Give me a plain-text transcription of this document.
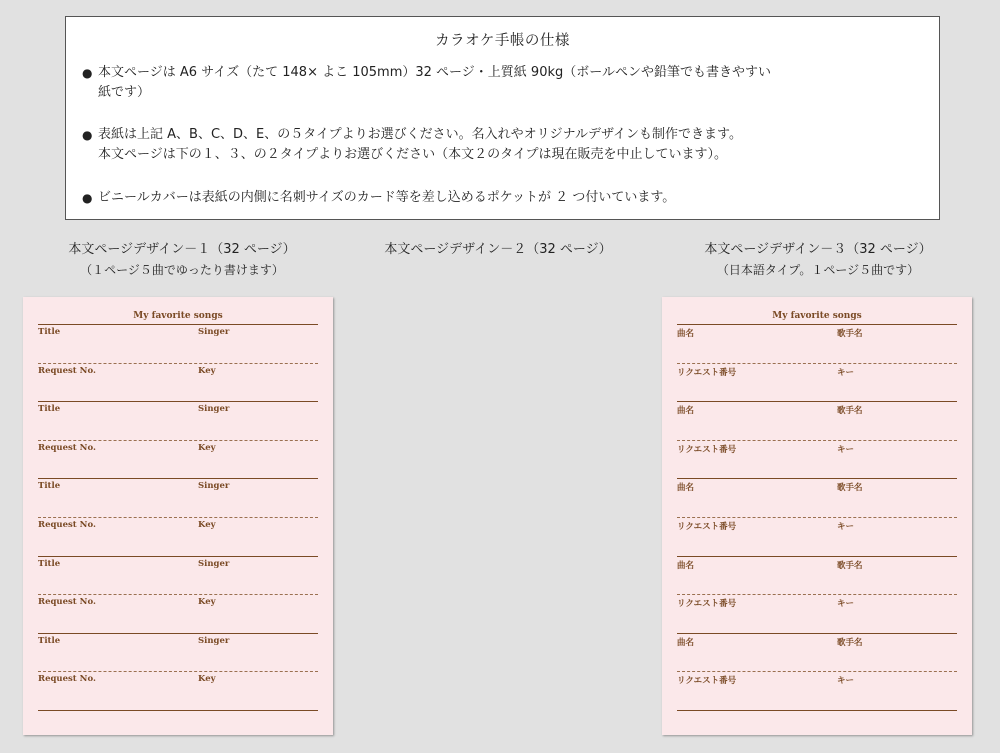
カラオケ手帳の仕様
● 本文ページは A6 サイズ（たて 148× よこ 105mm）32 ページ・上質紙 90kg（ボールペンや鉛筆でも書きやすい
紙です）
● 表紙は上記 A、B、C、D、E、の５タイプよりお選びください。名入れやオリジナルデザインも制作できます。
本文ページは下の１、３、の２タイプよりお選びください（本文２のタイプは現在販売を中止しています）。
● ビニールカバーは表紙の内側に名刺サイズのカード等を差し込めるポケットが ２ つ付いています。
本文ページデザイン－１（32 ページ）
（１ページ５曲でゆったり書けます）
本文ページデザイン－２（32 ページ）	本文ページデザイン－３（32 ページ）
（日本語タイプ。１ページ５曲です）
My favorite songs
Title	Singer
Request No.	Key
Title	Singer
Request No.	Key
Title	Singer
Request No.	Key
Title	Singer
Request No.	Key
Title	Singer
Request No.	Key
My favorite songs
曲名	歌手名
リクエスト番号	キー
曲名	歌手名
リクエスト番号	キー
曲名	歌手名
リクエスト番号	キー
曲名	歌手名
リクエスト番号	キー
曲名	歌手名
リクエスト番号	キー
